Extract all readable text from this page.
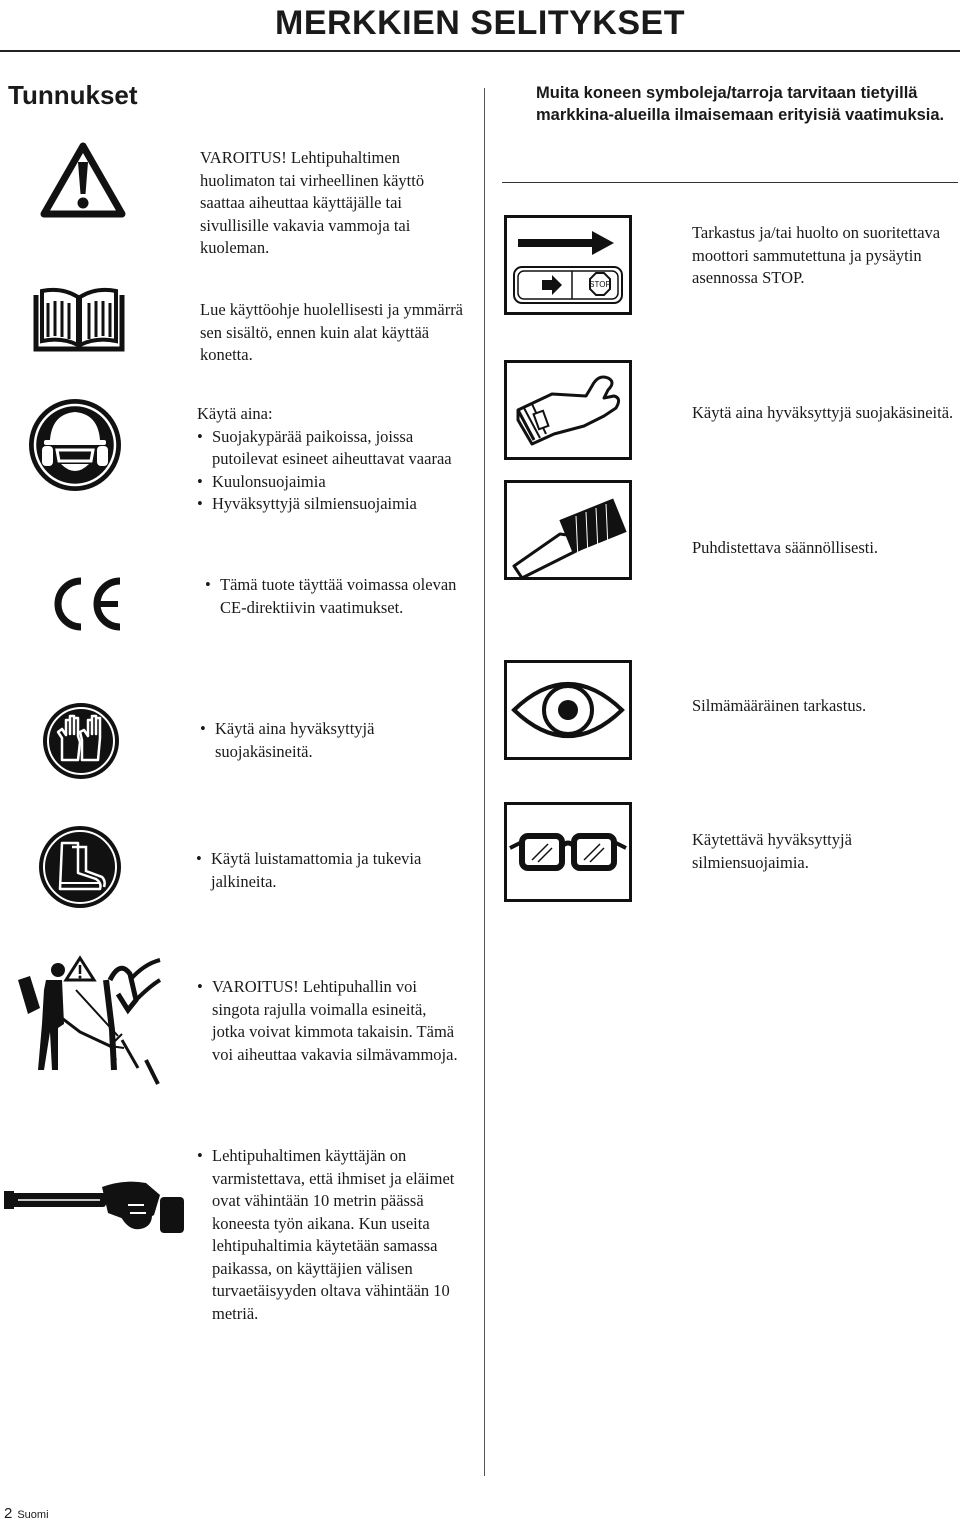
MERKKIEN SELITYKSET
Tunnukset	Muita koneen symboleja/tarroja tarvitaan tietyillä markkina-alueilla ilmaisemaan erityisiä vaatimuksia.
VAROITUS! Lehtipuhaltimen huolimaton tai virheellinen käyttö saattaa aiheuttaa käyttäjälle tai sivullisille vakavia vammoja tai kuoleman.
Lue käyttöohje huolellisesti ja ymmärrä sen sisältö, ennen kuin alat käyttää konetta.
Käytä aina:
• Suojakypärää paikoissa, joissa putoilevat esineet aiheuttavat vaaraa
• Kuulonsuojaimia
• Hyväksyttyjä silmiensuojaimia
• Tämä tuote täyttää voimassa olevan CE-direktiivin vaatimukset.
• Käytä aina hyväksyttyjä suojakäsineitä.
• Käytä luistamattomia ja tukevia jalkineita.
• VAROITUS! Lehtipuhallin voi singota rajulla voimalla esineitä, jotka voivat kimmota takaisin. Tämä voi aiheuttaa vakavia silmävammoja.
• Lehtipuhaltimen käyttäjän on varmistettava, että ihmiset ja eläimet ovat vähintään 10 metrin päässä koneesta työn aikana. Kun useita lehtipuhaltimia käytetään samassa paikassa, on käyttäjien välisen turvaetäisyyden oltava vähintään 10 metriä.
STOP
Tarkastus ja/tai huolto on suoritettava moottori sammutettuna ja pysäytin asennossa STOP.
Käytä aina hyväksyttyjä suojakäsineitä.
Puhdistettava säännöllisesti.
Silmämääräinen tarkastus.
Käytettävä hyväksyttyjä silmiensuojaimia.
2 Suomi
